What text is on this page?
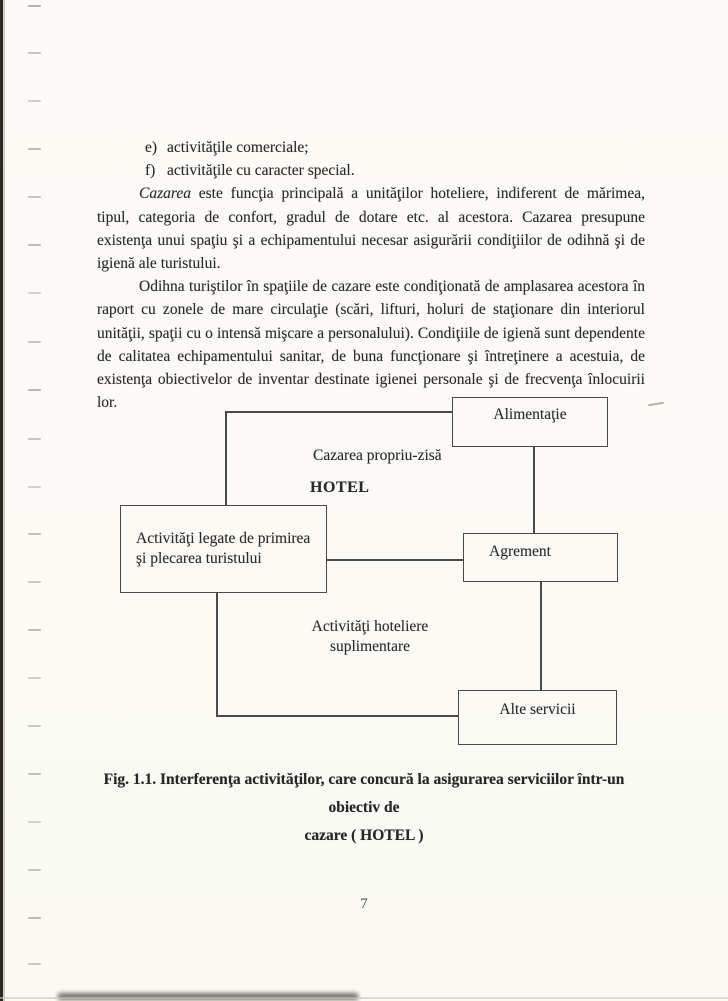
e) activităţile comerciale;
f) activităţile cu caracter special.

Cazarea este funcţia principală a unităţilor hoteliere, indiferent de mărimea, tipul, categoria de confort, gradul de dotare etc. al acestora. Cazarea presupune existenţa unui spaţiu şi a echipamentului necesar asigurării condiţiilor de odihnă şi de igienă ale turistului.

Odihna turiştilor în spaţiile de cazare este condiţionată de amplasarea acestora în raport cu zonele de mare circulaţie (scări, lifturi, holuri de staţionare din interiorul unităţii, spaţii cu o intensă mişcare a personalului). Condiţiile de igienă sunt dependente de calitatea echipamentului sanitar, de buna funcţionare şi întreţinere a acestuia, de existenţa obiectivelor de inventar destinate igienei personale şi de frecvenţa înlocuirii lor.

Alimentaţie
Activităţi legate de primirea
şi plecarea turistului	Agrement
Alte servicii
Cazarea propriu-zisă
HOTEL
Activităţi hoteliere
suplimentare
Fig. 1.1. Interferenţa activităţilor, care concură la asigurarea serviciilor într-un obiectiv de
cazare ( HOTEL )
7
